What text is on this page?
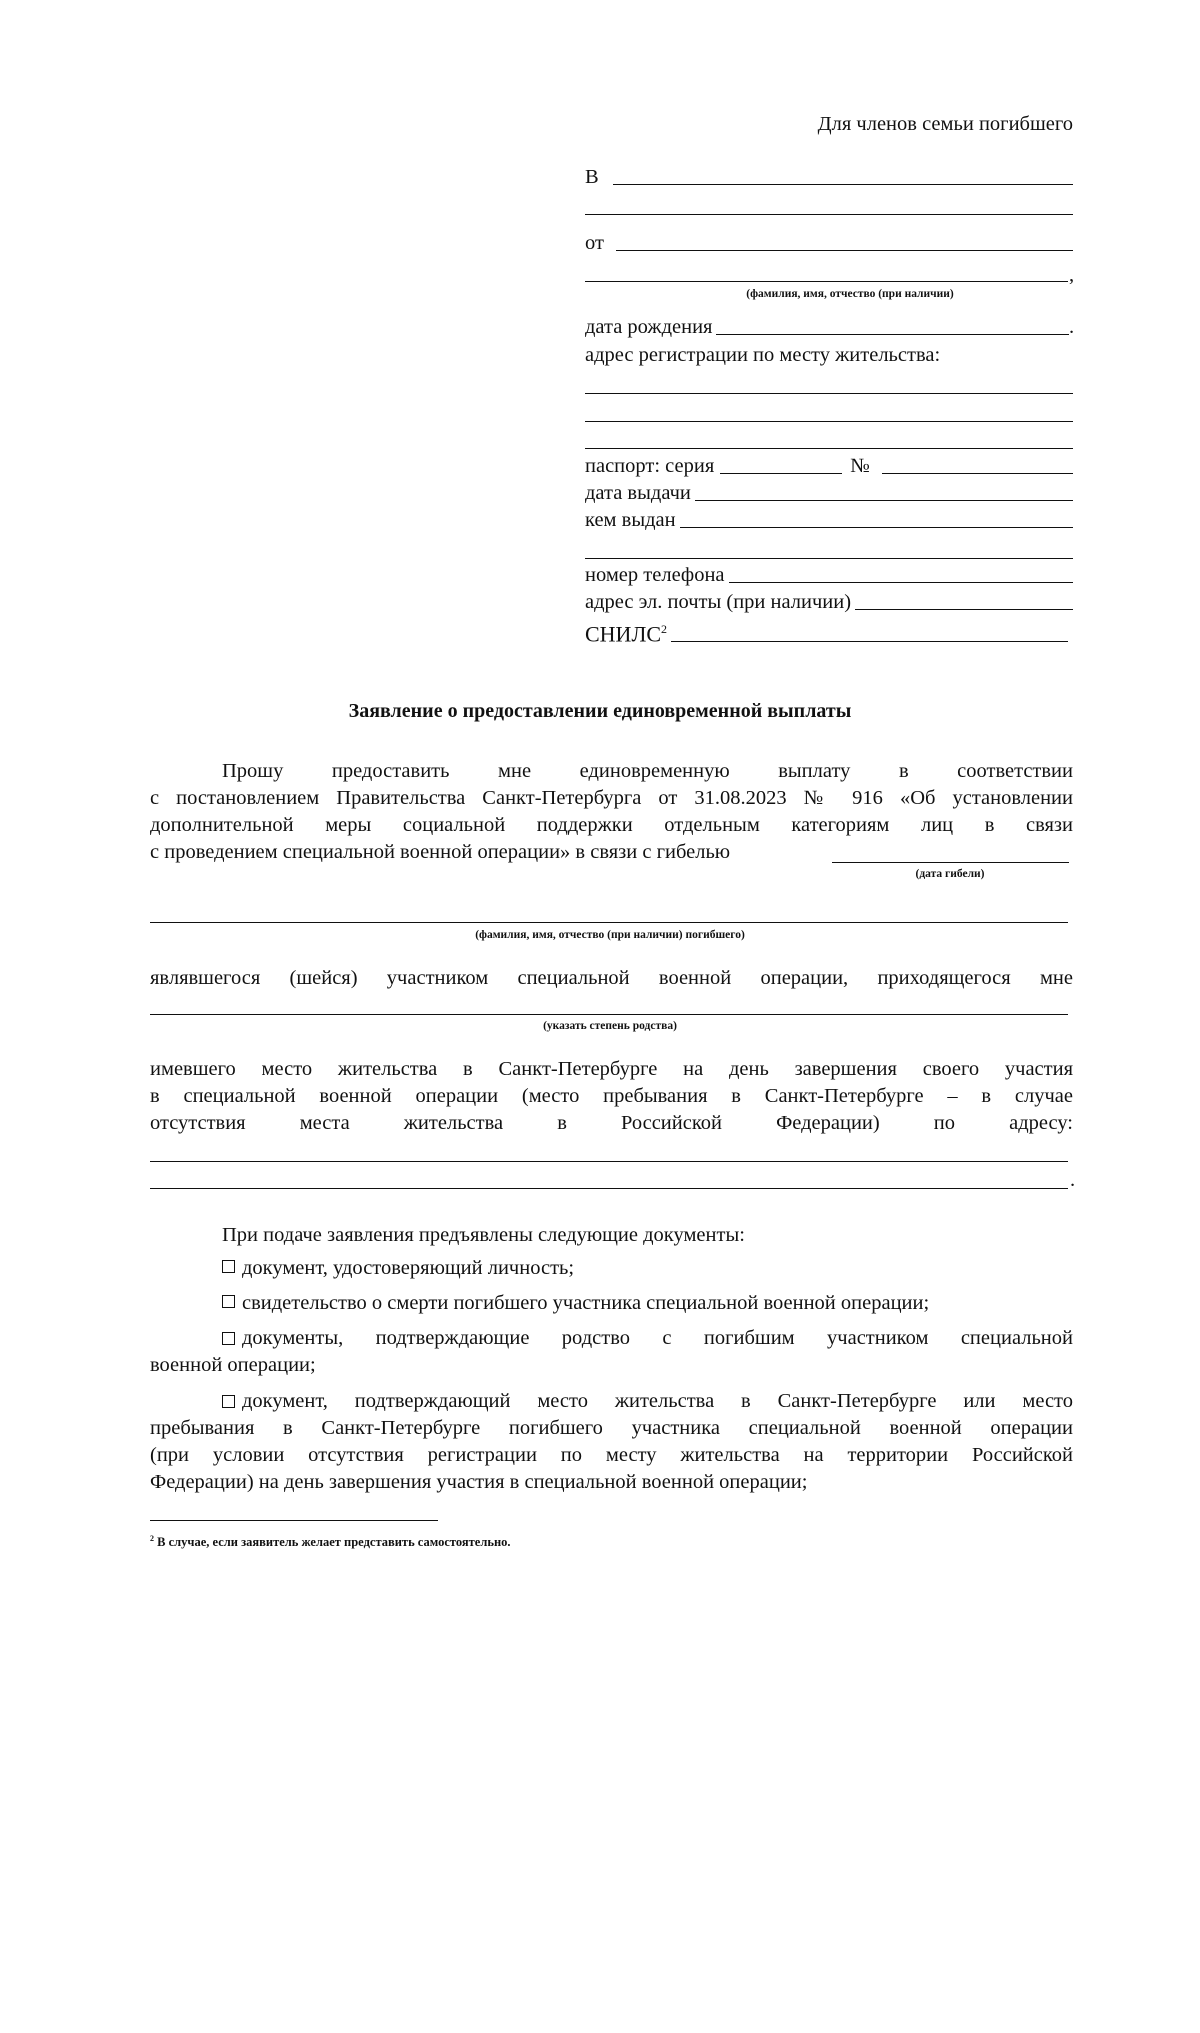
Для членов семьи погибшего
В
от
,
(фамилия, имя, отчество (при наличии)
дата рождения	.
адрес регистрации по месту жительства:
паспорт: серия	№
дата выдачи
кем выдан
номер телефона
адрес эл. почты (при наличии)
СНИЛС$^2$
Заявление о предоставлении единовременной выплаты
Прошу предоставить мне единовременную выплату в соответствии
с постановлением Правительства Санкт-Петербурга от 31.08.2023 № 916 «Об установлении
дополнительной меры социальной поддержки отдельным категориям лиц в связи
с проведением специальной военной операции» в связи с гибелью
(дата гибели)
(фамилия, имя, отчество (при наличии) погибшего)
являвшегося (шейся) участником специальной военной операции, приходящегося мне
(указать степень родства)
имевшего место жительства в Санкт-Петербурге на день завершения своего участия
в специальной военной операции (место пребывания в Санкт-Петербурге – в случае
отсутствия места жительства в Российской Федерации) по адресу:
.
При подаче заявления предъявлены следующие документы:
документ, удостоверяющий личность;
свидетельство о смерти погибшего участника специальной военной операции;
документы, подтверждающие родство с погибшим участником специальной
военной операции;
документ, подтверждающий место жительства в Санкт-Петербурге или место
пребывания в Санкт-Петербурге погибшего участника специальной военной операции
(при условии отсутствия регистрации по месту жительства на территории Российской
Федерации) на день завершения участия в специальной военной операции;
$^2$ В случае, если заявитель желает представить самостоятельно.
